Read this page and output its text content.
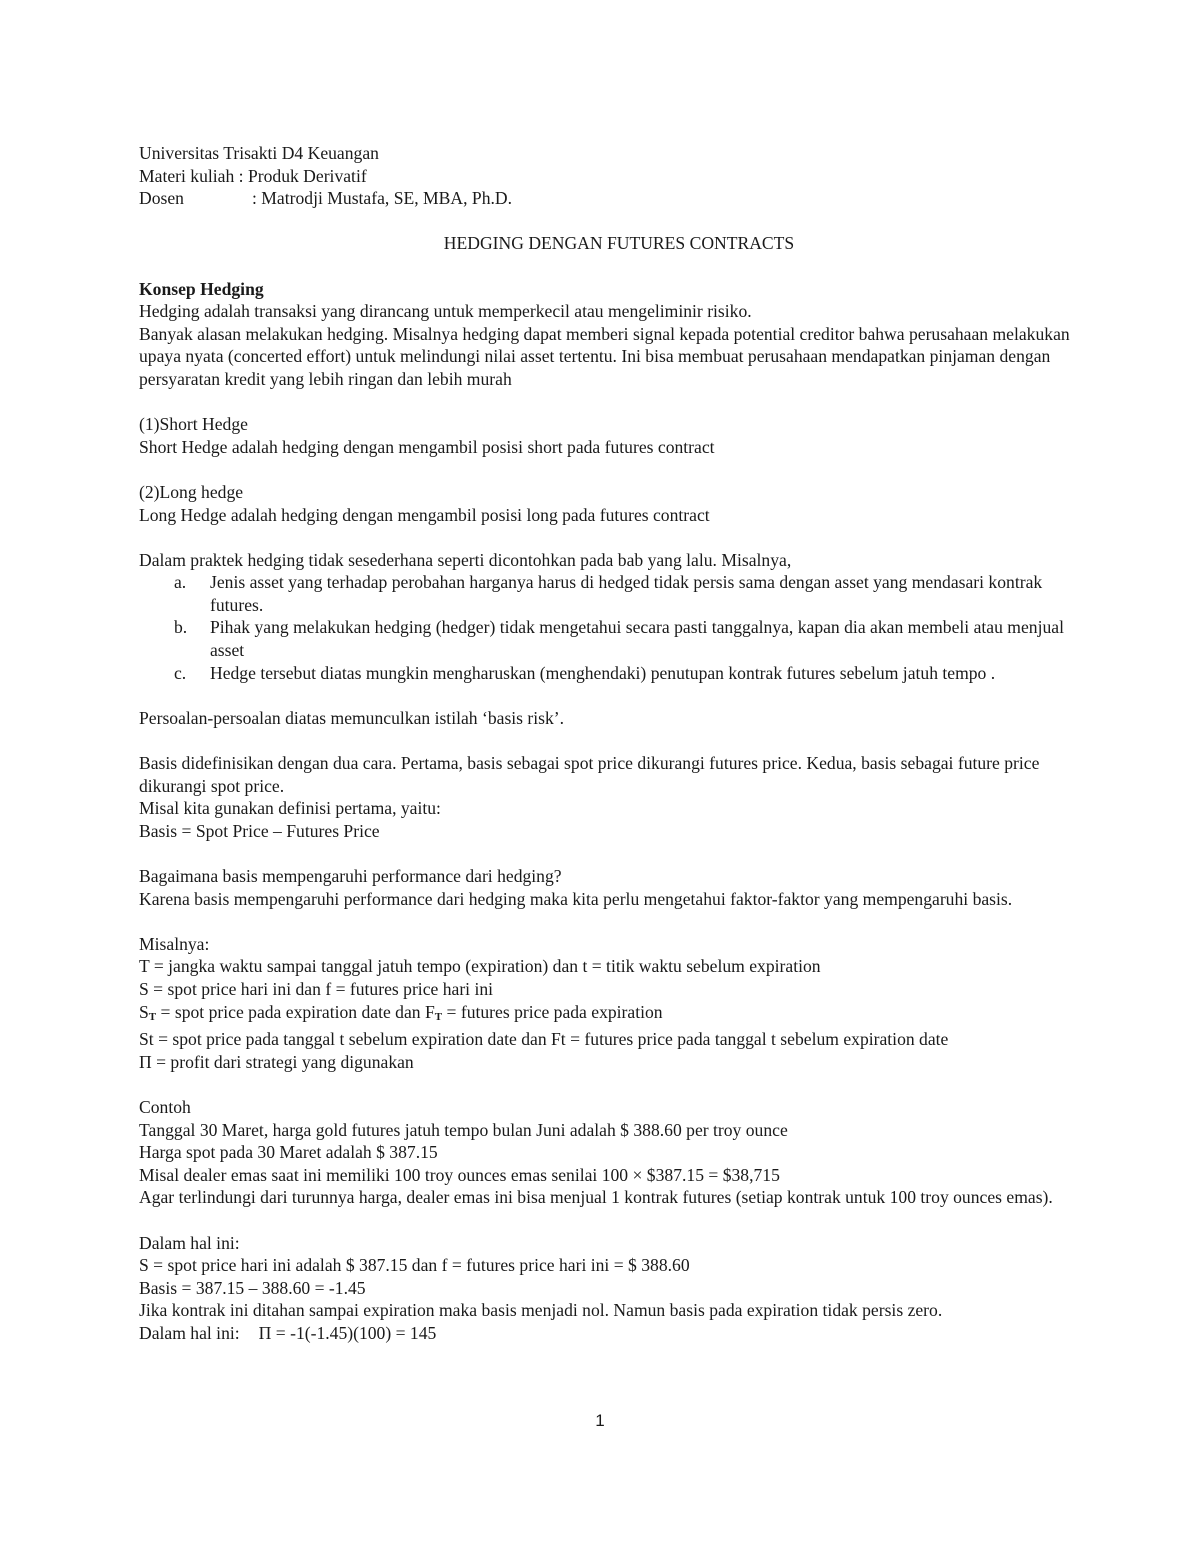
Universitas Trisakti D4 Keuangan
Materi kuliah : Produk Derivatif
Dosen	: Matrodji Mustafa, SE, MBA, Ph.D.
HEDGING DENGAN FUTURES CONTRACTS
Konsep Hedging
Hedging adalah transaksi yang dirancang untuk memperkecil atau mengeliminir risiko.
Banyak alasan melakukan hedging. Misalnya hedging dapat memberi signal kepada potential creditor bahwa perusahaan melakukan upaya nyata (concerted effort) untuk melindungi nilai asset tertentu. Ini bisa membuat perusahaan mendapatkan pinjaman dengan persyaratan kredit yang lebih ringan dan lebih murah
(1)Short Hedge
Short Hedge adalah hedging dengan mengambil posisi short pada futures contract
(2)Long hedge
Long Hedge adalah hedging dengan mengambil posisi long pada futures contract
Dalam praktek hedging tidak sesederhana seperti dicontohkan pada bab yang lalu. Misalnya,
a. Jenis asset yang terhadap perobahan harganya harus di hedged tidak persis sama dengan asset yang mendasari kontrak futures.
b. Pihak yang melakukan hedging (hedger) tidak mengetahui secara pasti tanggalnya, kapan dia akan membeli atau menjual asset
c. Hedge tersebut diatas mungkin mengharuskan (menghendaki) penutupan kontrak futures sebelum jatuh tempo .
Persoalan-persoalan diatas memunculkan istilah ‘basis risk’.
Basis didefinisikan dengan dua cara. Pertama, basis sebagai spot price dikurangi futures price. Kedua, basis sebagai future price dikurangi spot price.
Misal kita gunakan definisi pertama, yaitu:
Basis = Spot Price – Futures Price
Bagaimana basis mempengaruhi performance dari hedging?
Karena basis mempengaruhi performance dari hedging maka kita perlu mengetahui faktor-faktor yang mempengaruhi basis.
Misalnya:
T = jangka waktu sampai tanggal jatuh tempo (expiration) dan t = titik waktu sebelum expiration
S = spot price hari ini dan f = futures price hari ini
ST = spot price pada expiration date dan FT = futures price pada expiration
St = spot price pada tanggal t sebelum expiration date dan Ft = futures price pada tanggal t sebelum expiration date
Π = profit dari strategi yang digunakan
Contoh
Tanggal 30 Maret, harga gold futures jatuh tempo bulan Juni adalah $ 388.60 per troy ounce
Harga spot pada 30 Maret adalah $ 387.15
Misal dealer emas saat ini memiliki 100 troy ounces emas senilai 100 × $387.15 = $38,715
Agar terlindungi dari turunnya harga, dealer emas ini bisa menjual 1 kontrak futures (setiap kontrak untuk 100 troy ounces emas).
Dalam hal ini:
S = spot price hari ini adalah $ 387.15 dan f = futures price hari ini = $ 388.60
Basis = 387.15 – 388.60 = -1.45
Jika kontrak ini ditahan sampai expiration maka basis menjadi nol. Namun basis pada expiration tidak persis zero.
Dalam hal ini: Π = -1(-1.45)(100) = 145
1
